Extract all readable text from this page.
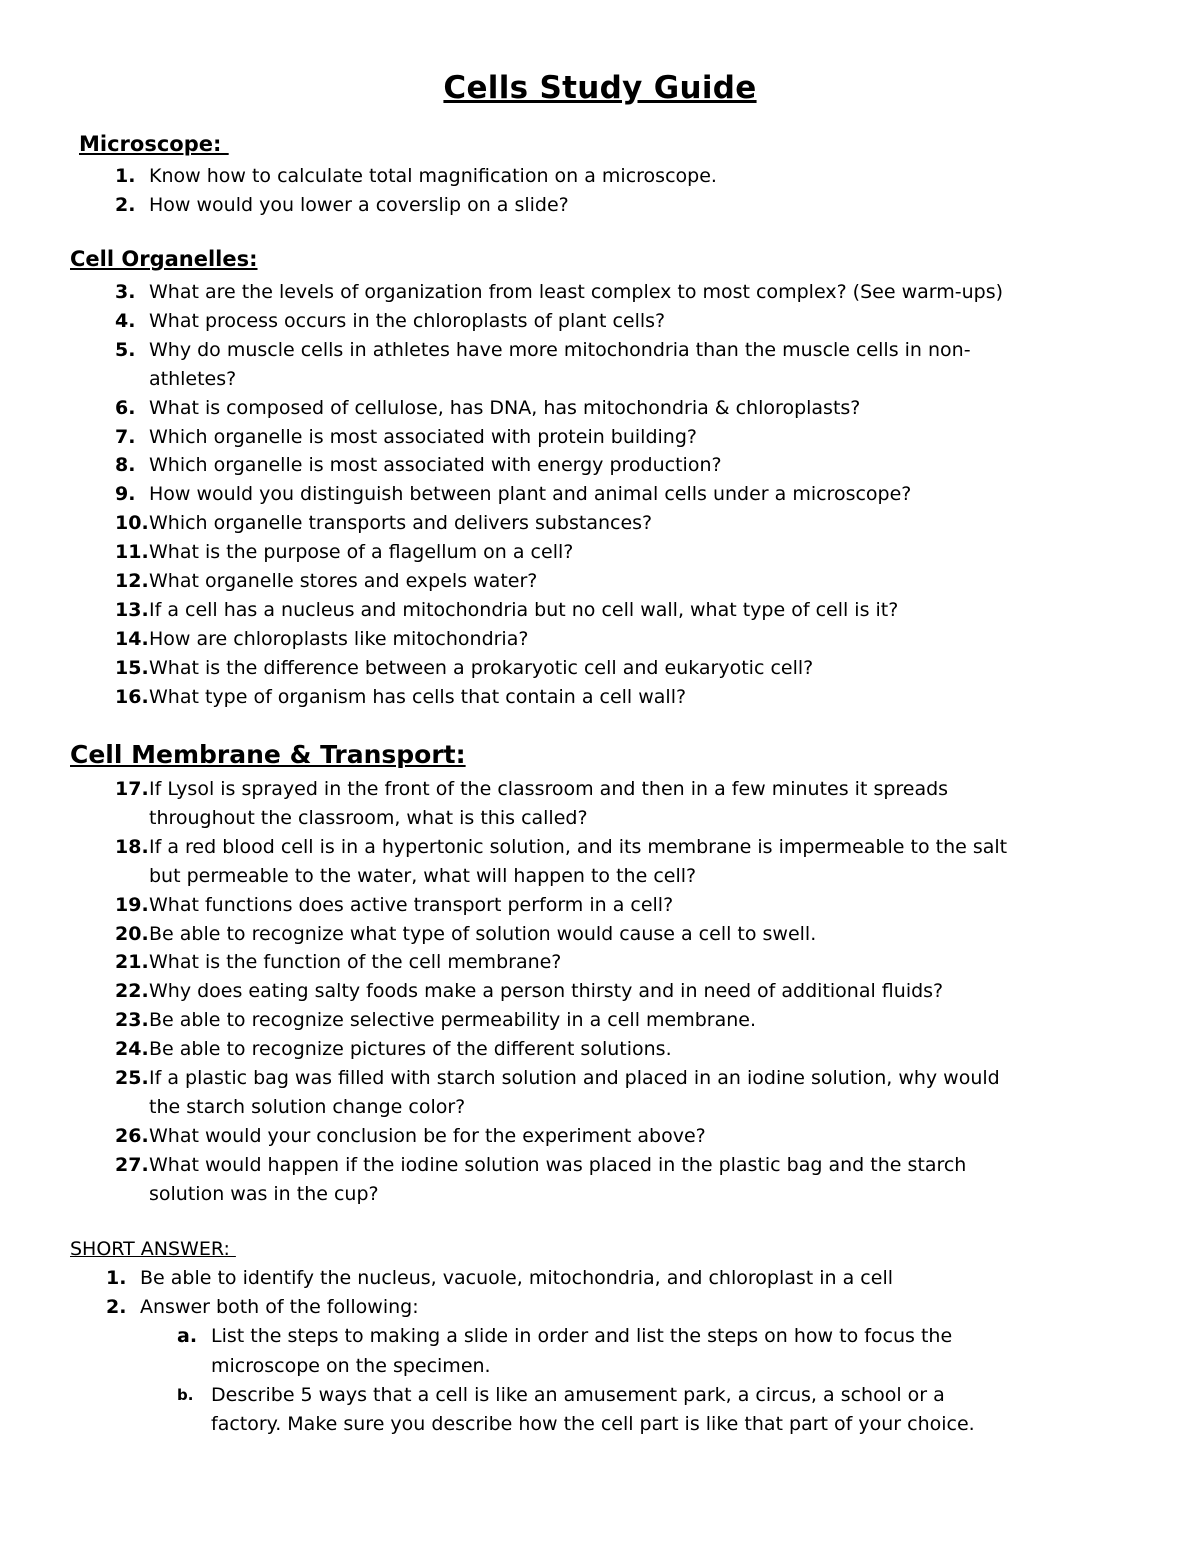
Cells Study Guide
Microscope:
1. Know how to calculate total magnification on a microscope.
2. How would you lower a coverslip on a slide?
Cell Organelles:
3. What are the levels of organization from least complex to most complex? (See warm-ups)
4. What process occurs in the chloroplasts of plant cells?
5. Why do muscle cells in athletes have more mitochondria than the muscle cells in non-
athletes?
6. What is composed of cellulose, has DNA, has mitochondria & chloroplasts?
7. Which organelle is most associated with protein building?
8. Which organelle is most associated with energy production?
9. How would you distinguish between plant and animal cells under a microscope?
10. Which organelle transports and delivers substances?
11. What is the purpose of a flagellum on a cell?
12. What organelle stores and expels water?
13. If a cell has a nucleus and mitochondria but no cell wall, what type of cell is it?
14. How are chloroplasts like mitochondria?
15. What is the difference between a prokaryotic cell and eukaryotic cell?
16. What type of organism has cells that contain a cell wall?
Cell Membrane & Transport:
17. If Lysol is sprayed in the front of the classroom and then in a few minutes it spreads
throughout the classroom, what is this called?
18. If a red blood cell is in a hypertonic solution, and its membrane is impermeable to the salt
but permeable to the water, what will happen to the cell?
19. What functions does active transport perform in a cell?
20. Be able to recognize what type of solution would cause a cell to swell.
21. What is the function of the cell membrane?
22. Why does eating salty foods make a person thirsty and in need of additional fluids?
23. Be able to recognize selective permeability in a cell membrane.
24. Be able to recognize pictures of the different solutions.
25. If a plastic bag was filled with starch solution and placed in an iodine solution, why would
the starch solution change color?
26. What would your conclusion be for the experiment above?
27. What would happen if the iodine solution was placed in the plastic bag and the starch
solution was in the cup?
SHORT ANSWER:
1. Be able to identify the nucleus, vacuole, mitochondria, and chloroplast in a cell
2. Answer both of the following:
a. List the steps to making a slide in order and list the steps on how to focus the
microscope on the specimen.
b. Describe 5 ways that a cell is like an amusement park, a circus, a school or a
factory. Make sure you describe how the cell part is like that part of your choice.
